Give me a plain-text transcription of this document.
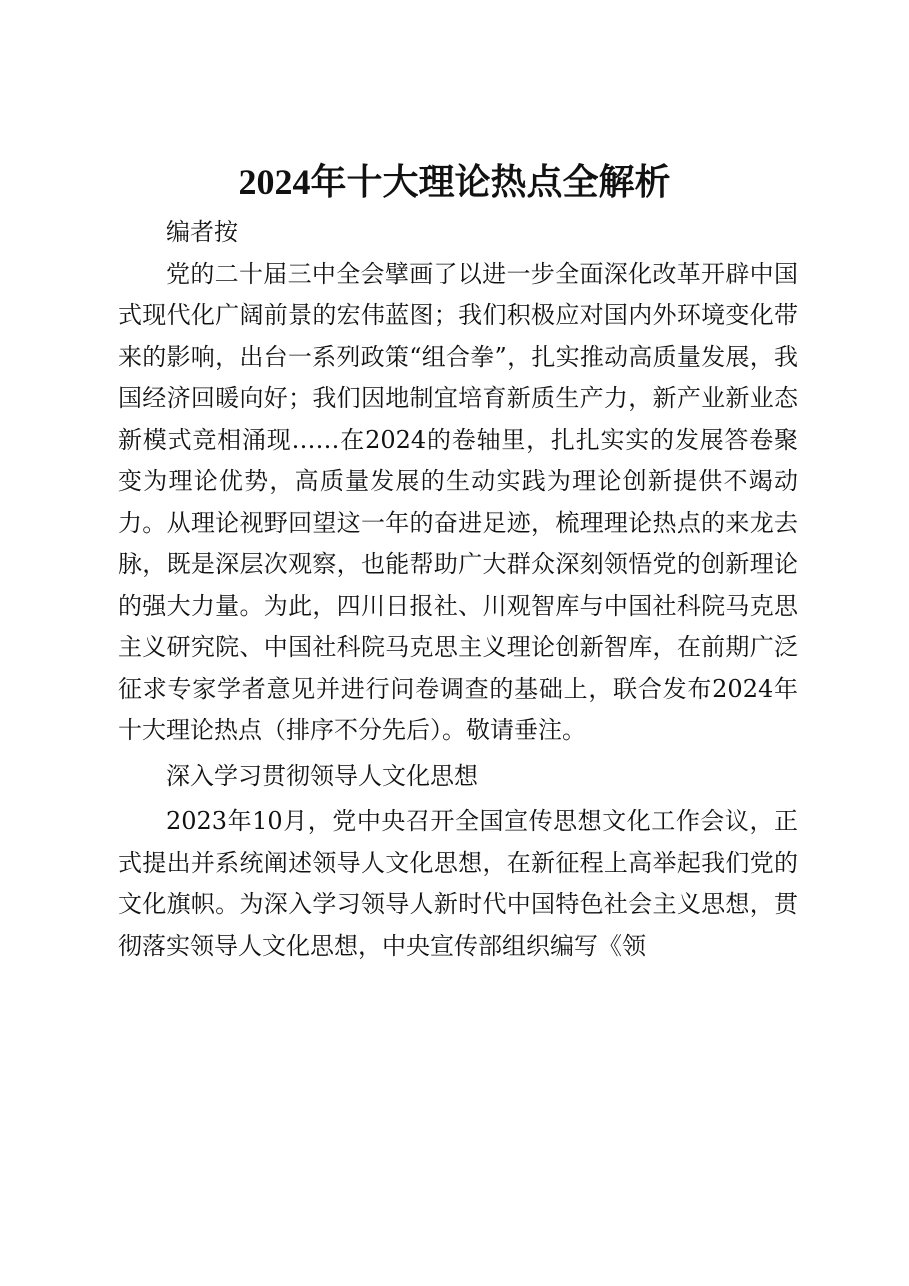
2024年十大理论热点全解析

编者按

党的二十届三中全会擘画了以进一步全面深化改革开辟中国式现代化广阔前景的宏伟蓝图；我们积极应对国内外环境变化带来的影响，出台一系列政策“组合拳”，扎实推动高质量发展，我国经济回暖向好；我们因地制宜培育新质生产力，新产业新业态新模式竞相涌现……在2024的卷轴里，扎扎实实的发展答卷聚变为理论优势，高质量发展的生动实践为理论创新提供不竭动力。从理论视野回望这一年的奋进足迹，梳理理论热点的来龙去脉，既是深层次观察，也能帮助广大群众深刻领悟党的创新理论的强大力量。为此，四川日报社、川观智库与中国社科院马克思主义研究院、中国社科院马克思主义理论创新智库，在前期广泛征求专家学者意见并进行问卷调查的基础上，联合发布2024年十大理论热点（排序不分先后）。敬请垂注。

深入学习贯彻领导人文化思想

2023年10月，党中央召开全国宣传思想文化工作会议，正式提出并系统阐述领导人文化思想，在新征程上高举起我们党的文化旗帜。为深入学习领导人新时代中国特色社会主义思想，贯彻落实领导人文化思想，中央宣传部组织编写《领
